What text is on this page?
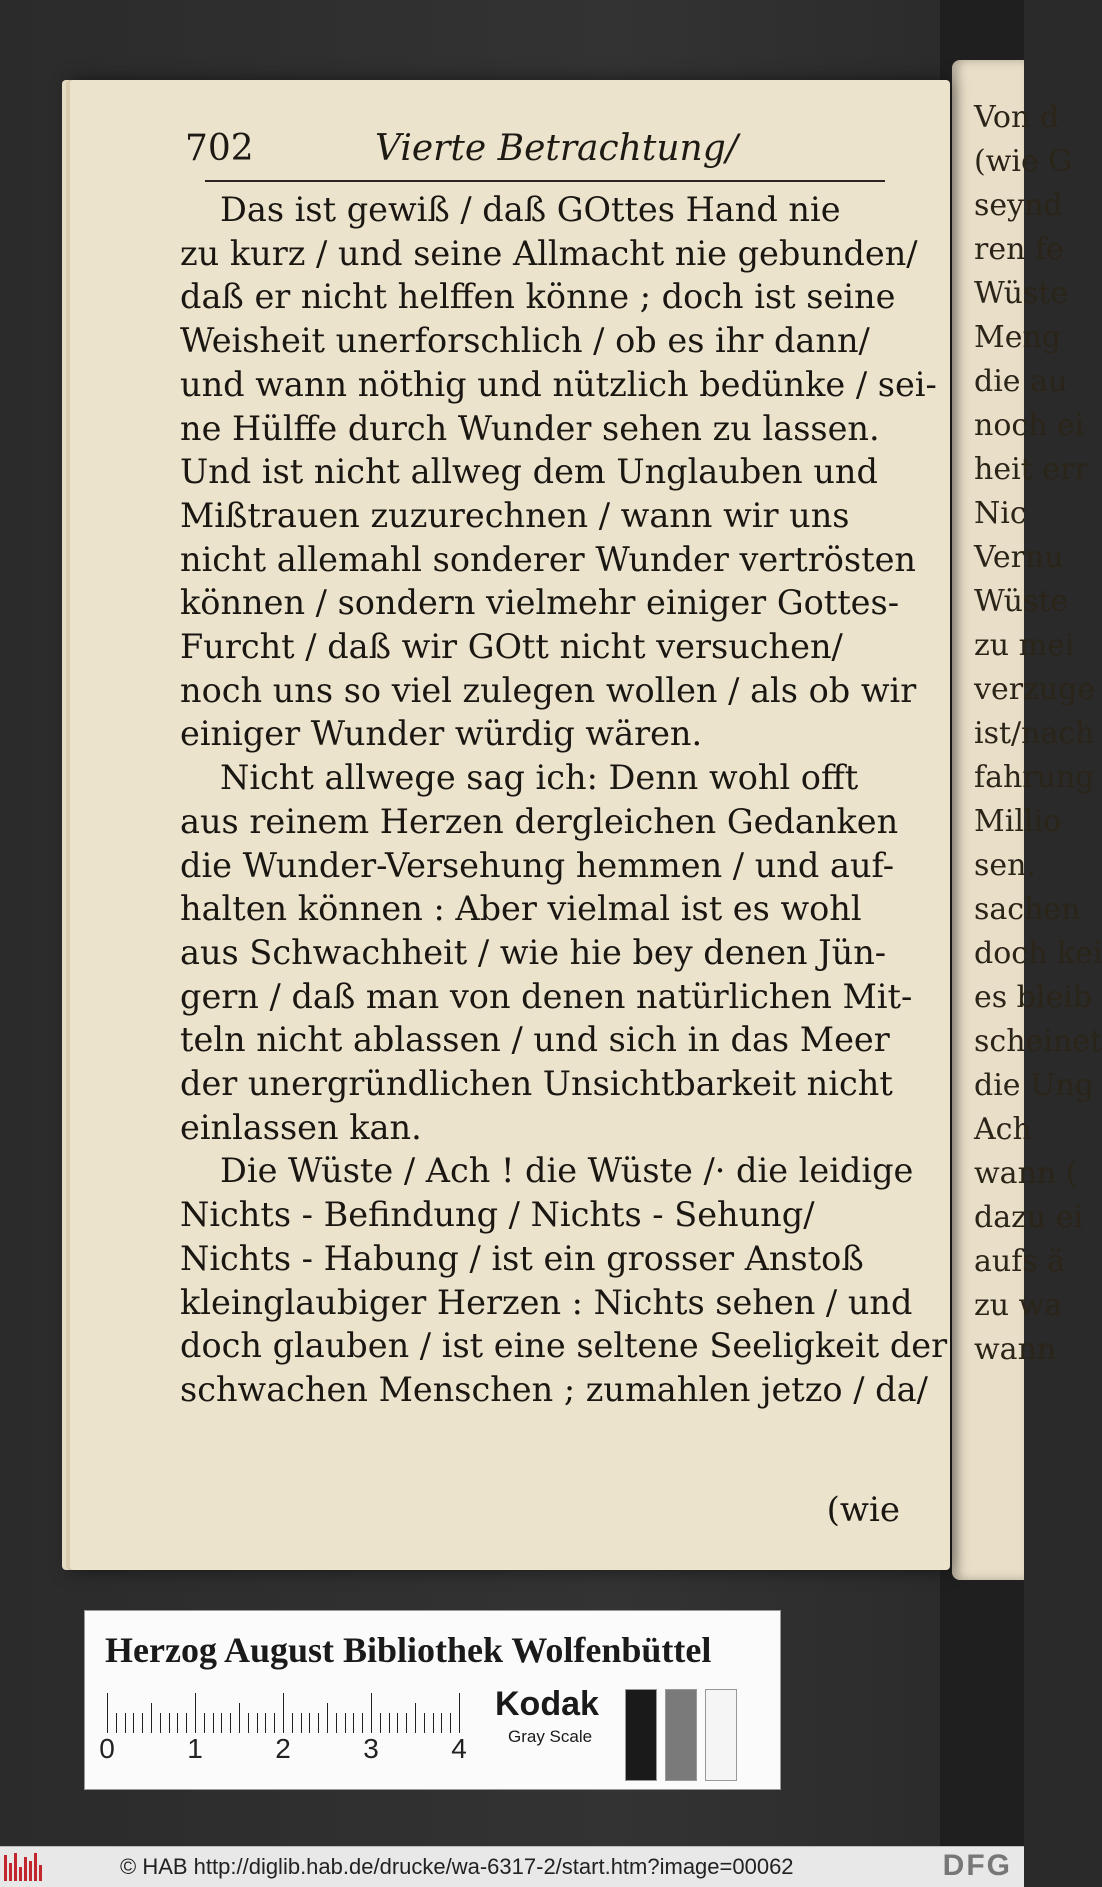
Von d
(wie G
seynd
ren fe
Wüste
Meng
die au
noch ei
heit err
Nic
Vernu
Wüste
zu mei
verzuge
ist/nach
fahrung
Millio
sen.
sachen
doch kei
es bleib
scheinet
die Ung
Ach
wann (
dazu ei
aufs ä
zu wa
wann
702	Vierte Betrachtung/
Das ist gewiß / daß GOttes Hand nie
zu kurz / und seine Allmacht nie gebunden/
daß er nicht helffen könne ; doch ist seine
Weisheit unerforschlich / ob es ihr dann/
und wann nöthig und nützlich bedünke / sei-
ne Hülffe durch Wunder sehen zu lassen.
Und ist nicht allweg dem Unglauben und
Mißtrauen zuzurechnen / wann wir uns
nicht allemahl sonderer Wunder vertrösten
können / sondern vielmehr einiger Gottes-
Furcht / daß wir GOtt nicht versuchen/
noch uns so viel zulegen wollen / als ob wir
einiger Wunder würdig wären.
Nicht allwege sag ich: Denn wohl offt
aus reinem Herzen dergleichen Gedanken
die Wunder-Versehung hemmen / und auf-
halten können : Aber vielmal ist es wohl
aus Schwachheit / wie hie bey denen Jün-
gern / daß man von denen natürlichen Mit-
teln nicht ablassen / und sich in das Meer
der unergründlichen Unsichtbarkeit nicht
einlassen kan.
Die Wüste / Ach ! die Wüste /· die leidige
Nichts - Befindung / Nichts - Sehung/
Nichts - Habung / ist ein grosser Anstoß
kleinglaubiger Herzen : Nichts sehen / und
doch glauben / ist eine seltene Seeligkeit der
schwachen Menschen ; zumahlen jetzo / da/
(wie
Herzog August Bibliothek Wolfenbüttel
0	1	2	3	4
Kodak
Gray Scale
© HAB http://diglib.hab.de/drucke/wa-6317-2/start.htm?image=00062	DFG
